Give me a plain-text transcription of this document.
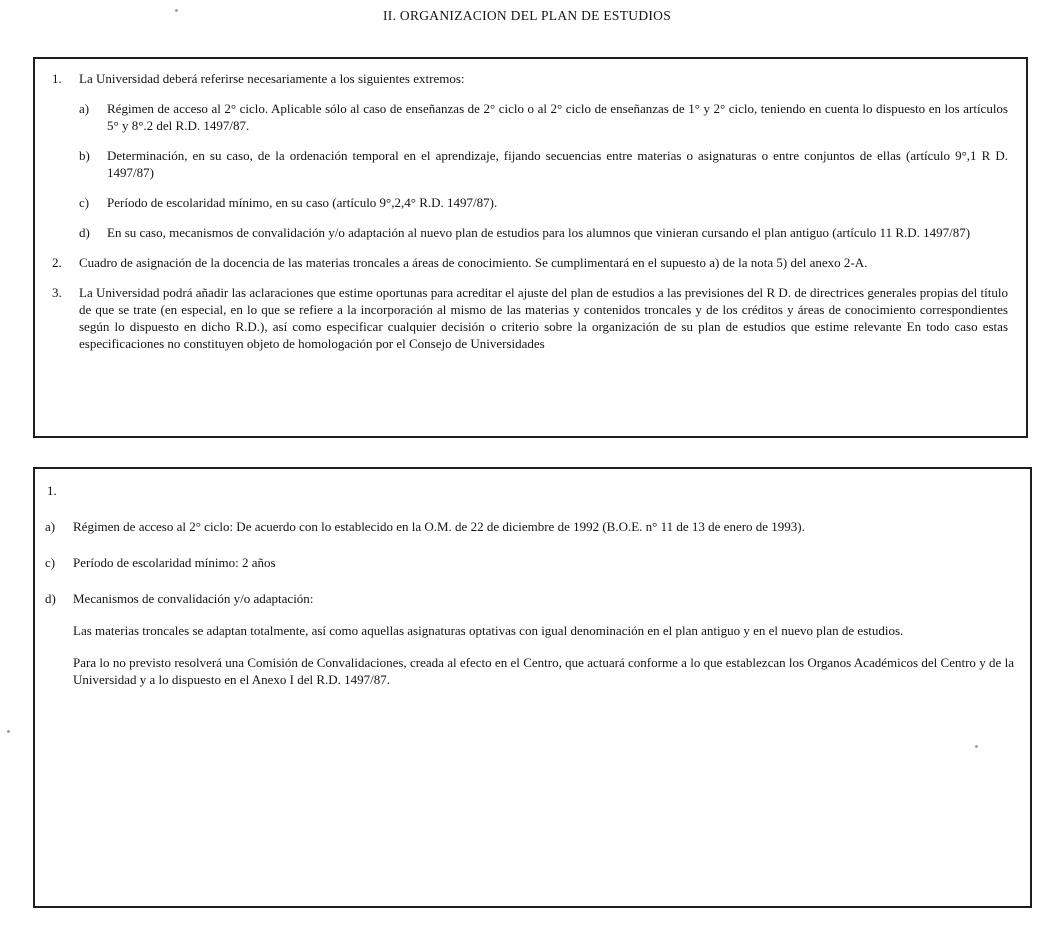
II. ORGANIZACION DEL PLAN DE ESTUDIOS
1. La Universidad deberá referirse necesariamente a los siguientes extremos:
a) Régimen de acceso al 2° ciclo. Aplicable sólo al caso de enseñanzas de 2° ciclo o al 2° ciclo de enseñanzas de 1° y 2° ciclo, teniendo en cuenta lo dispuesto en los artículos 5° y 8°.2 del R.D. 1497/87.
b) Determinación, en su caso, de la ordenación temporal en el aprendizaje, fijando secuencias entre materias o asignaturas o entre conjuntos de ellas (artículo 9°,1 R D. 1497/87)
c) Período de escolaridad mínimo, en su caso (artículo 9°,2,4° R.D. 1497/87).
d) En su caso, mecanismos de convalidación y/o adaptación al nuevo plan de estudios para los alumnos que vinieran cursando el plan antiguo (artículo 11 R.D. 1497/87)
2. Cuadro de asignación de la docencia de las materias troncales a áreas de conocimiento. Se cumplimentará en el supuesto a) de la nota 5) del anexo 2-A.
3. La Universidad podrá añadir las aclaraciones que estime oportunas para acreditar el ajuste del plan de estudios a las previsiones del R D. de directrices generales propias del título de que se trate (en especial, en lo que se refiere a la incorporación al mismo de las materias y contenidos troncales y de los créditos y áreas de conocimiento correspondientes según lo dispuesto en dicho R.D.), así como especificar cualquier decisión o criterio sobre la organización de su plan de estudios que estime relevante En todo caso estas especificaciones no constituyen objeto de homologación por el Consejo de Universidades
1.
a) Régimen de acceso al 2° ciclo: De acuerdo con lo establecido en la O.M. de 22 de diciembre de 1992 (B.O.E. n° 11 de 13 de enero de 1993).
c) Período de escolaridad mínimo: 2 años
d) Mecanismos de convalidación y/o adaptación:
Las materias troncales se adaptan totalmente, así como aquellas asignaturas optativas con igual denominación en el plan antiguo y en el nuevo plan de estudios.
Para lo no previsto resolverá una Comisión de Convalidaciones, creada al efecto en el Centro, que actuará conforme a lo que establezcan los Organos Académicos del Centro y de la Universidad y a lo dispuesto en el Anexo I del R.D. 1497/87.
